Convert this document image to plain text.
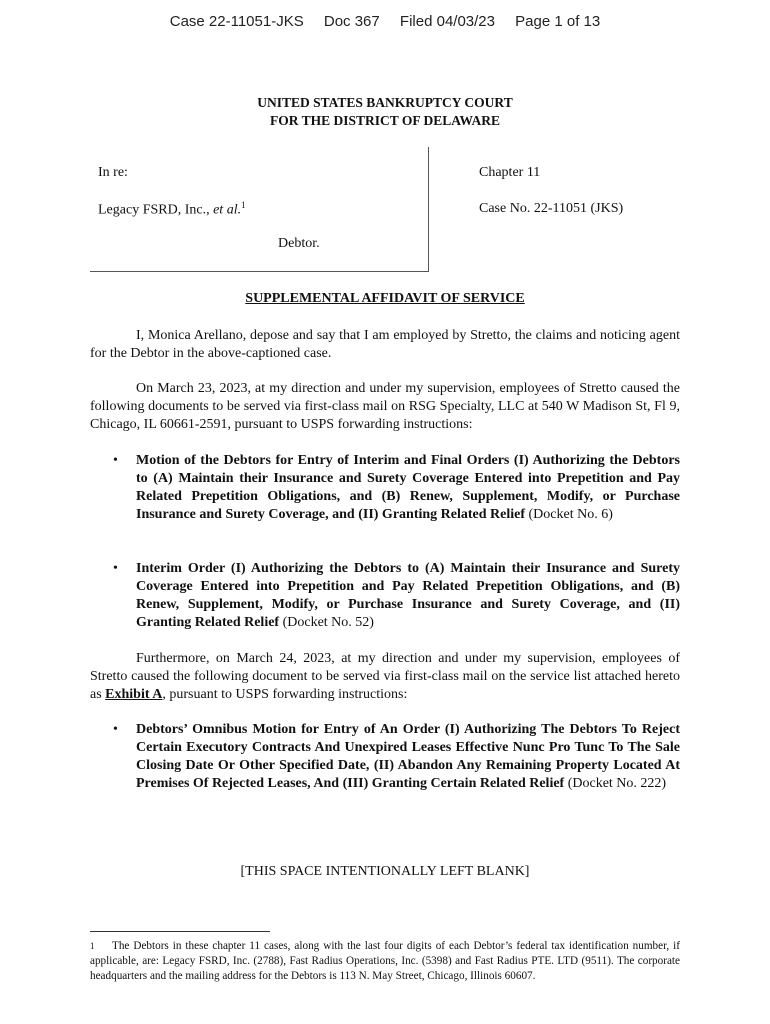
Case 22-11051-JKS Doc 367 Filed 04/03/23 Page 1 of 13
UNITED STATES BANKRUPTCY COURT
FOR THE DISTRICT OF DELAWARE
In re:
Legacy FSRD, Inc., et al.$^1$
Debtor.
Chapter 11
Case No. 22-11051 (JKS)
SUPPLEMENTAL AFFIDAVIT OF SERVICE
I, Monica Arellano, depose and say that I am employed by Stretto, the claims and noticing agent for the Debtor in the above-captioned case.
On March 23, 2023, at my direction and under my supervision, employees of Stretto caused the following documents to be served via first-class mail on RSG Specialty, LLC at 540 W Madison St, Fl 9, Chicago, IL 60661-2591, pursuant to USPS forwarding instructions:
• Motion of the Debtors for Entry of Interim and Final Orders (I) Authorizing the Debtors to (A) Maintain their Insurance and Surety Coverage Entered into Prepetition and Pay Related Prepetition Obligations, and (B) Renew, Supplement, Modify, or Purchase Insurance and Surety Coverage, and (II) Granting Related Relief (Docket No. 6)
• Interim Order (I) Authorizing the Debtors to (A) Maintain their Insurance and Surety Coverage Entered into Prepetition and Pay Related Prepetition Obligations, and (B) Renew, Supplement, Modify, or Purchase Insurance and Surety Coverage, and (II) Granting Related Relief (Docket No. 52)
Furthermore, on March 24, 2023, at my direction and under my supervision, employees of Stretto caused the following document to be served via first-class mail on the service list attached hereto as Exhibit A, pursuant to USPS forwarding instructions:
• Debtors’ Omnibus Motion for Entry of An Order (I) Authorizing The Debtors To Reject Certain Executory Contracts And Unexpired Leases Effective Nunc Pro Tunc To The Sale Closing Date Or Other Specified Date, (II) Abandon Any Remaining Property Located At Premises Of Rejected Leases, And (III) Granting Certain Related Relief (Docket No. 222)
[THIS SPACE INTENTIONALLY LEFT BLANK]
1 The Debtors in these chapter 11 cases, along with the last four digits of each Debtor’s federal tax identification number, if applicable, are: Legacy FSRD, Inc. (2788), Fast Radius Operations, Inc. (5398) and Fast Radius PTE. LTD (9511). The corporate headquarters and the mailing address for the Debtors is 113 N. May Street, Chicago, Illinois 60607.
